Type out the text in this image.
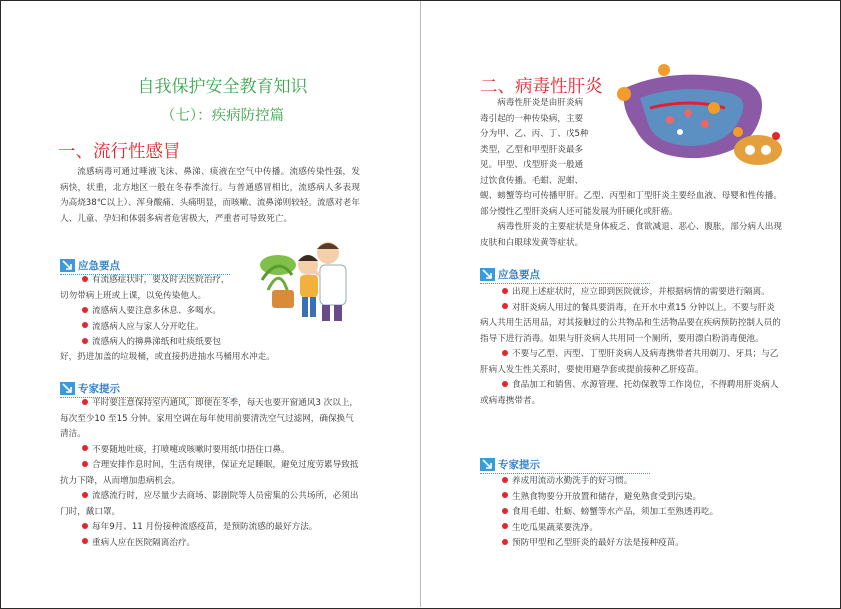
自我保护安全教育知识
（七）：疾病防控篇
一、流行性感冒

流感病毒可通过唾液飞沫、鼻涕、痰液在空气中传播。流感传染性强，发病快，状重，北方地区一般在冬春季流行。与普通感冒相比，流感病人多表现为高烧38℃以上）、浑身酸痛、头痛明显，而咳嗽、流鼻涕则较轻。流感对老年人、儿童、孕妇和体弱多病者危害极大，严重者可导致死亡。

应急要点
有流感症状时，要及时去医院治疗，
切勿带病上班或上课，以免传染他人。
流感病人要注意多休息、多喝水。
流感病人应与家人分开吃住。
流感病人的擤鼻涕纸和吐痰纸要包
好，扔进加盖的垃圾桶，或直接扔进抽水马桶用水冲走。
专家提示
平时要注意保持室内通风，即使在冬季，每天也要开窗通风3 次以上，每次至少10 至15 分钟。家用空调在每年使用前要清洗空气过滤网，确保换气清洁。
不要随地吐痰，打喷嚏或咳嗽时要用纸巾捂住口鼻。
合理安排作息时间，生活有规律，保证充足睡眠，避免过度劳累导致抵抗力下降，从而增加患病机会。
流感流行时，应尽量少去商场、影剧院等人员密集的公共场所，必须出门时，戴口罩。
每年9月、11 月份接种流感疫苗，是预防流感的最好方法。
重病人应在医院隔离治疗。
二、病毒性肝炎
病毒性肝炎是由肝炎病
毒引起的一种传染病，主要
分为甲、乙、丙、丁、戊5种
类型，乙型和甲型肝炎最多
见。甲型、戊型肝炎一般通
过饮食传播。毛蚶、泥蚶、
蚬、螃蟹等均可传播甲肝。乙型、丙型和丁型肝炎主要经血液、母婴和性传播。部分慢性乙型肝炎病人还可能发展为肝硬化或肝癌。

病毒性肝炎的主要症状是身体疲乏、食欲减退、恶心、腹胀，部分病人出现皮肤和白眼球发黄等症状。

应急要点
出现上述症状时，应立即到医院就诊，并根据病情的需要进行隔离。
对肝炎病人用过的餐具要消毒，在开水中煮15 分钟以上。不要与肝炎病人共用生活用品，对其接触过的公共物品和生活物品要在疾病预防控制人员的指导下进行消毒。如果与肝炎病人共用同一个厕所，要用漂白粉消毒便池。
不要与乙型、丙型、丁型肝炎病人及病毒携带者共用剃刀、牙具；与乙肝病人发生性关系时，要使用避孕套或提前接种乙肝疫苗。
食品加工和销售、水源管理、托幼保教等工作岗位，不得聘用肝炎病人或病毒携带者。
专家提示
养成用流动水勤洗手的好习惯。
生熟食物要分开放置和储存，避免熟食受到污染。
食用毛蚶、牡蛎、螃蟹等水产品，须加工至熟透再吃。
生吃瓜果蔬菜要洗净。
预防甲型和乙型肝炎的最好方法是接种疫苗。
